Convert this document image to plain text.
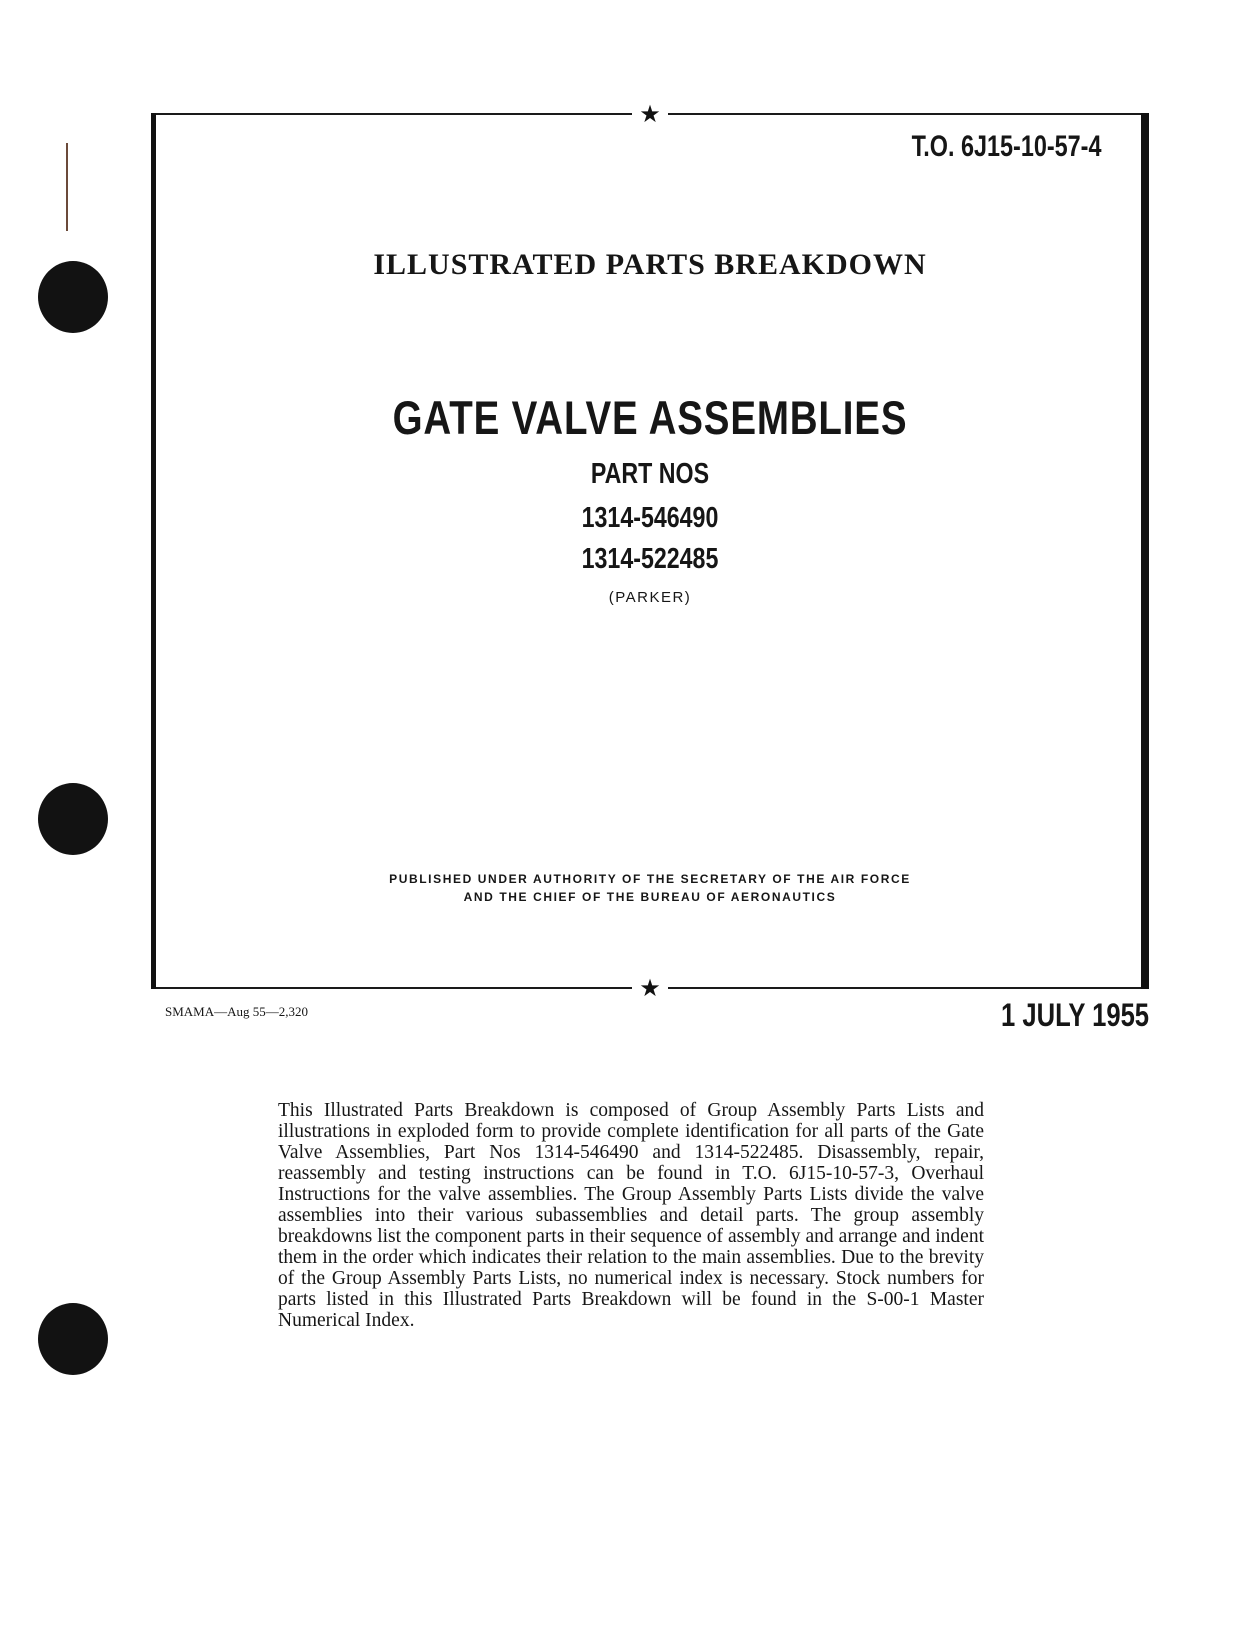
★
★
T.O. 6J15-10-57-4
ILLUSTRATED PARTS BREAKDOWN
GATE VALVE ASSEMBLIES
PART NOS
1314-546490
1314-522485
(PARKER)
PUBLISHED UNDER AUTHORITY OF THE SECRETARY OF THE AIR FORCE
AND THE CHIEF OF THE BUREAU OF AERONAUTICS
SMAMA—Aug 55—2,320	1 JULY 1955

This Illustrated Parts Breakdown is composed of Group Assembly Parts Lists and illustrations in exploded form to provide complete identification for all parts of the Gate Valve Assemblies, Part Nos 1314-546490 and 1314-522485. Disassembly, repair, reassembly and testing instructions can be found in T.O. 6J15-10-57-3, Overhaul Instructions for the valve assemblies. The Group Assembly Parts Lists divide the valve assemblies into their various subassemblies and detail parts. The group assembly breakdowns list the component parts in their sequence of assembly and arrange and indent them in the order which indicates their relation to the main assemblies. Due to the brevity of the Group Assembly Parts Lists, no numerical index is necessary. Stock numbers for parts listed in this Illustrated Parts Breakdown will be found in the S-00-1 Master Numerical Index.
